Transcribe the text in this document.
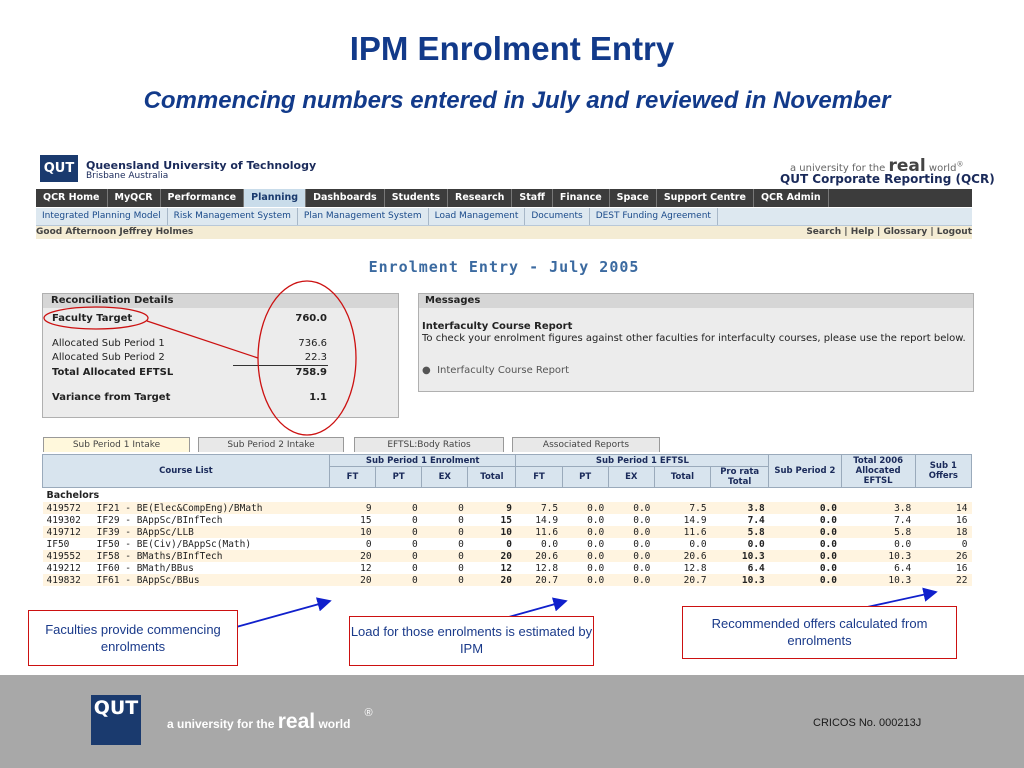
IPM Enrolment Entry
Commencing numbers entered in July and reviewed in November
QUT	Queensland University of Technology
Brisbane Australia
a university for the real world®
QUT Corporate Reporting (QCR)
QCR Home	MyQCR	Performance	Planning	Dashboards	Students	Research	Staff	Finance	Space	Support Centre	QCR Admin
Integrated Planning Model	Risk Management System	Plan Management System	Load Management	Documents	DEST Funding Agreement
Good Afternoon Jeffrey Holmes	Search | Help | Glossary | Logout
Enrolment Entry - July 2005
Reconciliation Details
Faculty Target	760.0
Allocated Sub Period 1	736.6
Allocated Sub Period 2	22.3
Total Allocated EFTSL	758.9
Variance from Target	1.1
Messages
Interfaculty Course Report
To check your enrolment figures against other faculties for interfaculty courses, please use the report below.
●  Interfaculty Course Report
Sub Period 1 Intake	Sub Period 2 Intake	EFTSL:Body Ratios	Associated Reports
Course List		Sub Period 1 Enrolment				Sub Period 1 EFTSL					Sub Period 2	Total 2006 Allocated EFTSL	Sub 1 Offers
		FT	PT	EX	Total	FT	PT	EX	Total	Pro rata Total			
Bachelors													
419572	IF21 - BE(Elec&CompEng)/BMath	9	0	0	9	7.5	0.0	0.0	7.5	3.8	0.0	3.8	14
419302	IF29 - BAppSc/BInfTech	15	0	0	15	14.9	0.0	0.0	14.9	7.4	0.0	7.4	16
419712	IF39 - BAppSc/LLB	10	0	0	10	11.6	0.0	0.0	11.6	5.8	0.0	5.8	18
IF50	IF50 - BE(Civ)/BAppSc(Math)	0	0	0	0	0.0	0.0	0.0	0.0	0.0	0.0	0.0	0
419552	IF58 - BMaths/BInfTech	20	0	0	20	20.6	0.0	0.0	20.6	10.3	0.0	10.3	26
419212	IF60 - BMath/BBus	12	0	0	12	12.8	0.0	0.0	12.8	6.4	0.0	6.4	16
419832	IF61 - BAppSc/BBus	20	0	0	20	20.7	0.0	0.0	20.7	10.3	0.0	10.3	22
Faculties provide commencing enrolments
Load for those enrolments is estimated by IPM
Recommended offers calculated from enrolments
QUT
a university for the real world®
CRICOS No. 000213J
